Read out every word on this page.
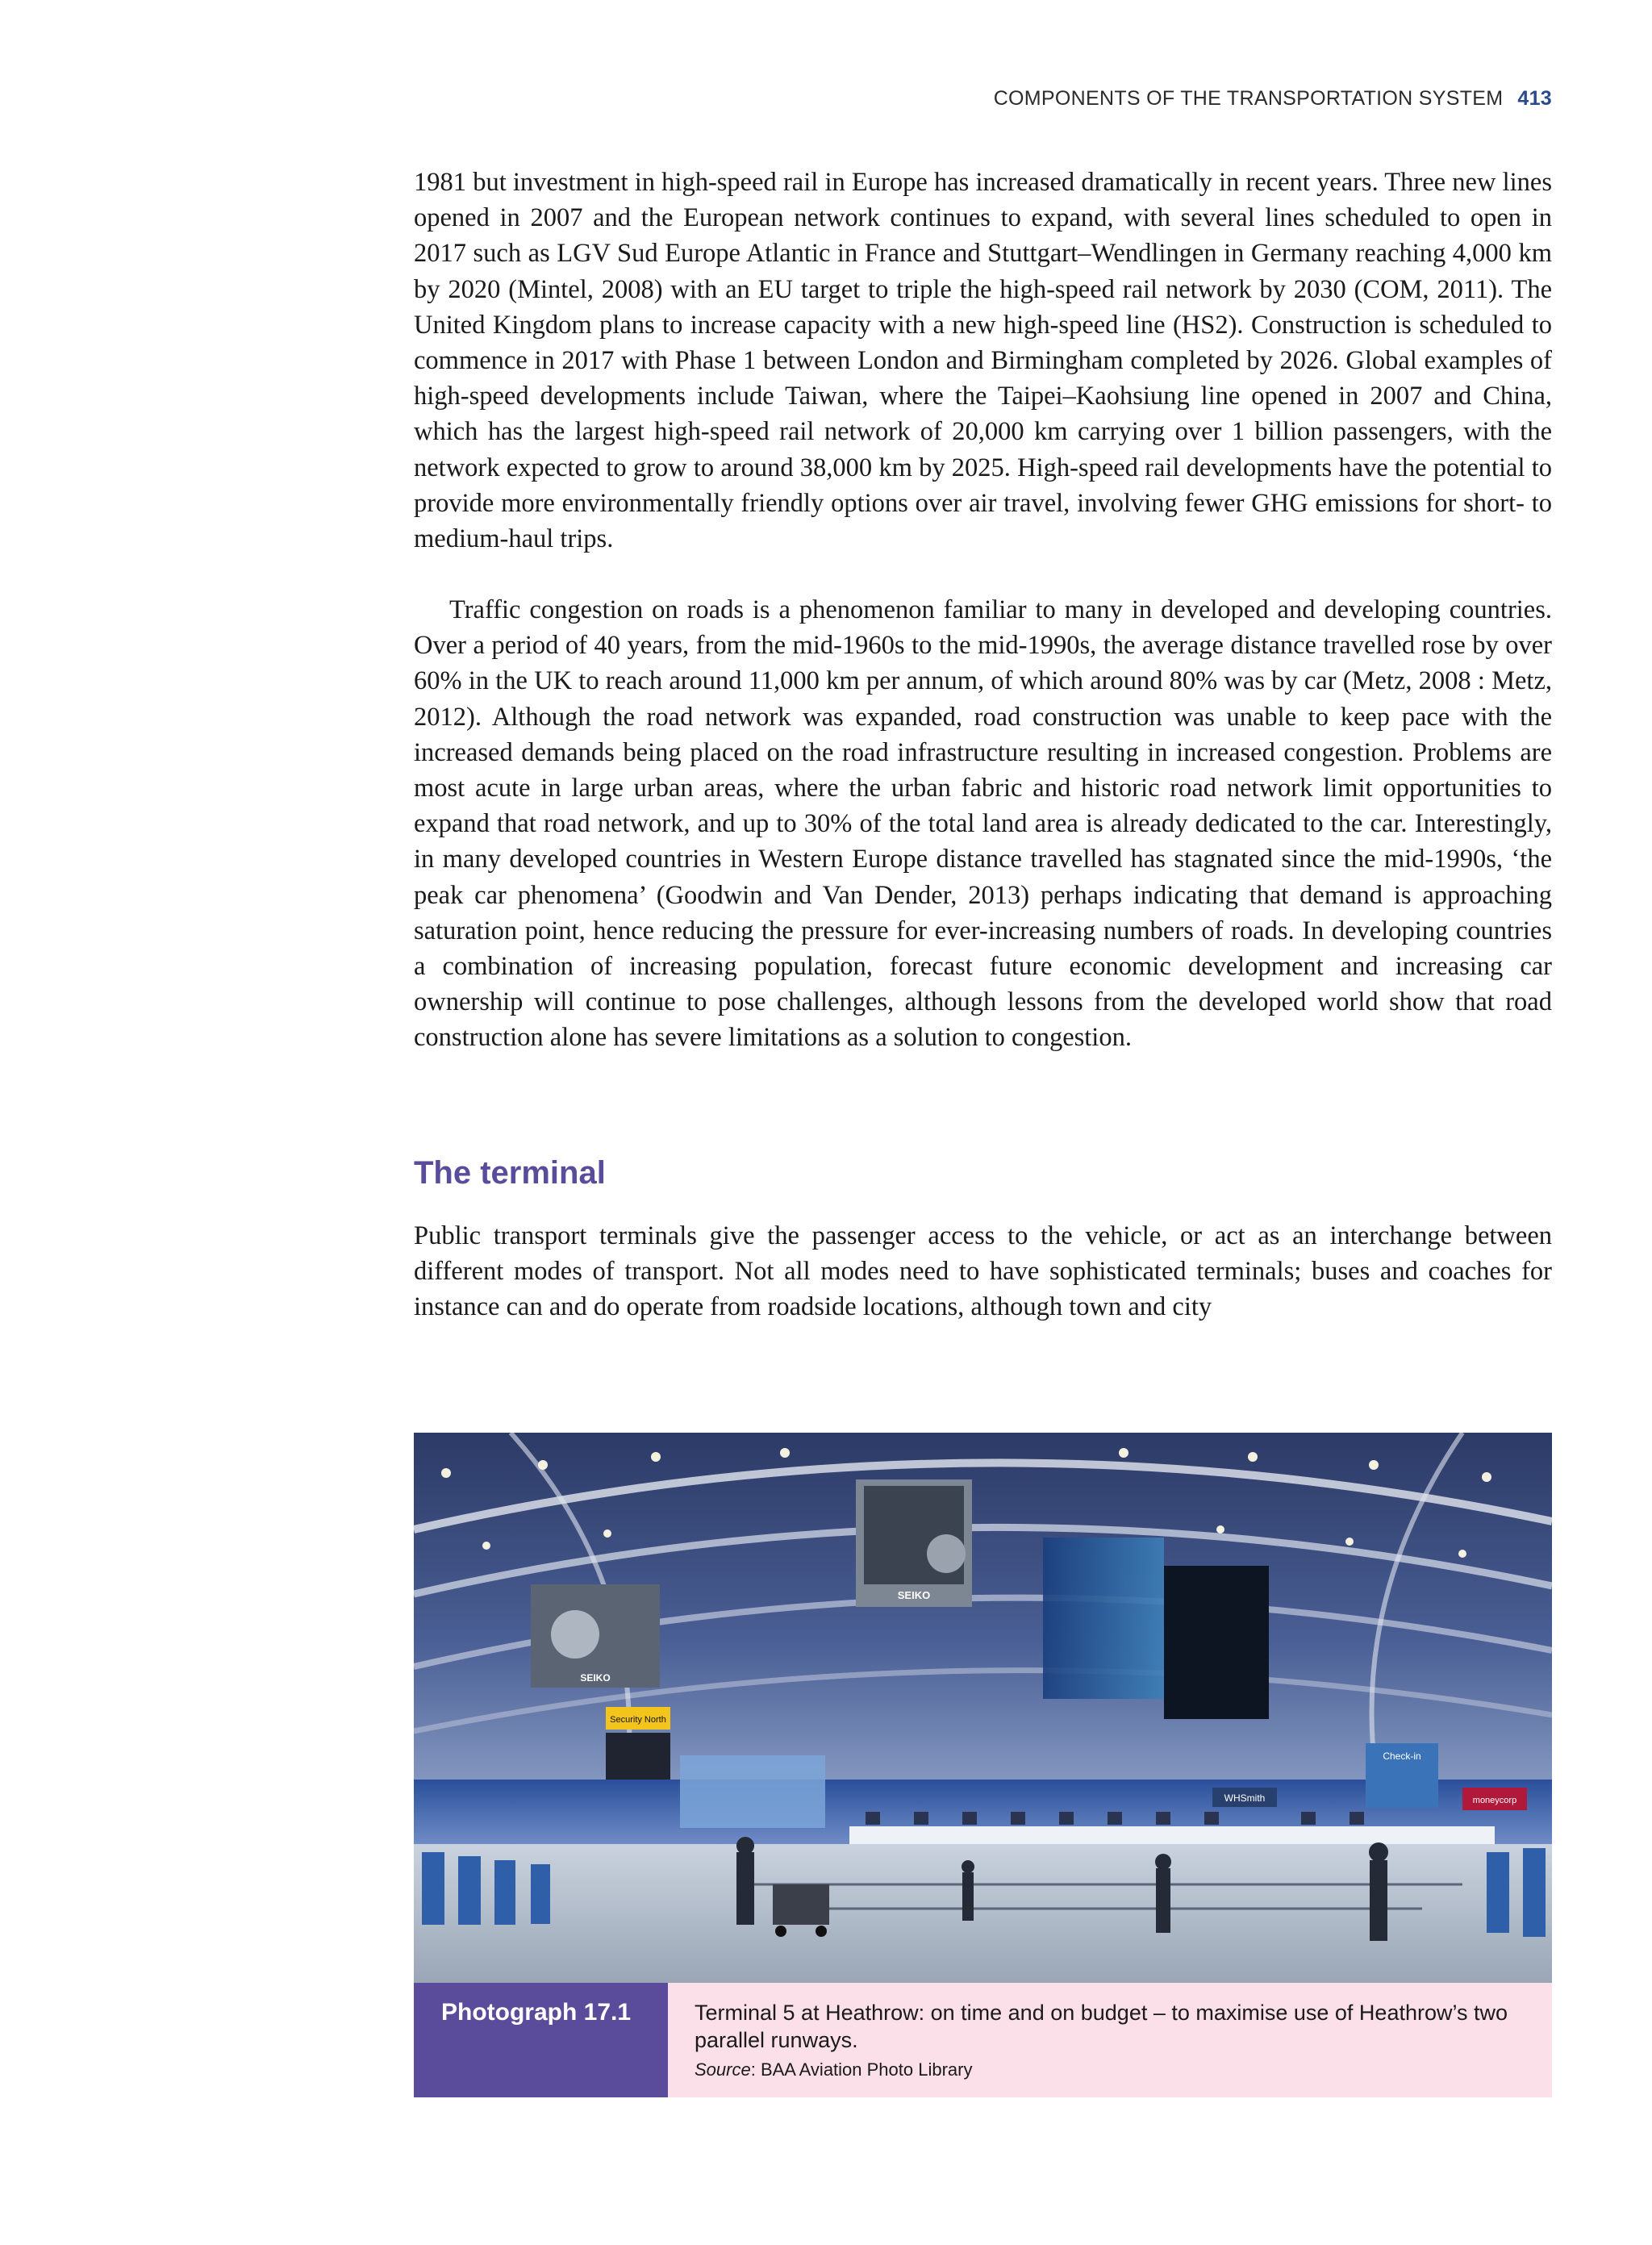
COMPONENTS OF THE TRANSPORTATION SYSTEM 413

1981 but investment in high-speed rail in Europe has increased dramatically in recent years. Three new lines opened in 2007 and the European network continues to expand, with several lines scheduled to open in 2017 such as LGV Sud Europe Atlantic in France and Stuttgart–Wendlingen in Germany reaching 4,000 km by 2020 (Mintel, 2008) with an EU target to triple the high-speed rail network by 2030 (COM, 2011). The United Kingdom plans to increase capacity with a new high-speed line (HS2). Construction is scheduled to commence in 2017 with Phase 1 between London and Birmingham completed by 2026. Global examples of high-speed developments include Taiwan, where the Taipei–Kaohsiung line opened in 2007 and China, which has the largest high-speed rail network of 20,000 km carrying over 1 billion passengers, with the network expected to grow to around 38,000 km by 2025. High-speed rail developments have the potential to provide more environmentally friendly options over air travel, involving fewer GHG emissions for short- to medium-haul trips.

Traffic congestion on roads is a phenomenon familiar to many in developed and developing countries. Over a period of 40 years, from the mid-1960s to the mid-1990s, the average distance travelled rose by over 60% in the UK to reach around 11,000 km per annum, of which around 80% was by car (Metz, 2008 : Metz, 2012). Although the road network was expanded, road construction was unable to keep pace with the increased demands being placed on the road infrastructure resulting in increased congestion. Problems are most acute in large urban areas, where the urban fabric and historic road network limit opportunities to expand that road network, and up to 30% of the total land area is already dedicated to the car. Interestingly, in many developed countries in Western Europe distance travelled has stagnated since the mid-1990s, ‘the peak car phenomena’ (Goodwin and Van Dender, 2013) perhaps indicating that demand is approaching saturation point, hence reducing the pressure for ever-increasing numbers of roads. In developing countries a combination of increasing population, forecast future economic development and increasing car ownership will continue to pose challenges, although lessons from the developed world show that road construction alone has severe limitations as a solution to congestion.

The terminal

Public transport terminals give the passenger access to the vehicle, or act as an interchange between different modes of transport. Not all modes need to have sophisticated terminals; buses and coaches for instance can and do operate from roadside locations, although town and city

SEIKO
SEIKO
Security North
WHSmith
Check-in
moneycorp
Photograph 17.1	Terminal 5 at Heathrow: on time and on budget – to maximise use of Heathrow’s two parallel runways.
Source: BAA Aviation Photo Library
